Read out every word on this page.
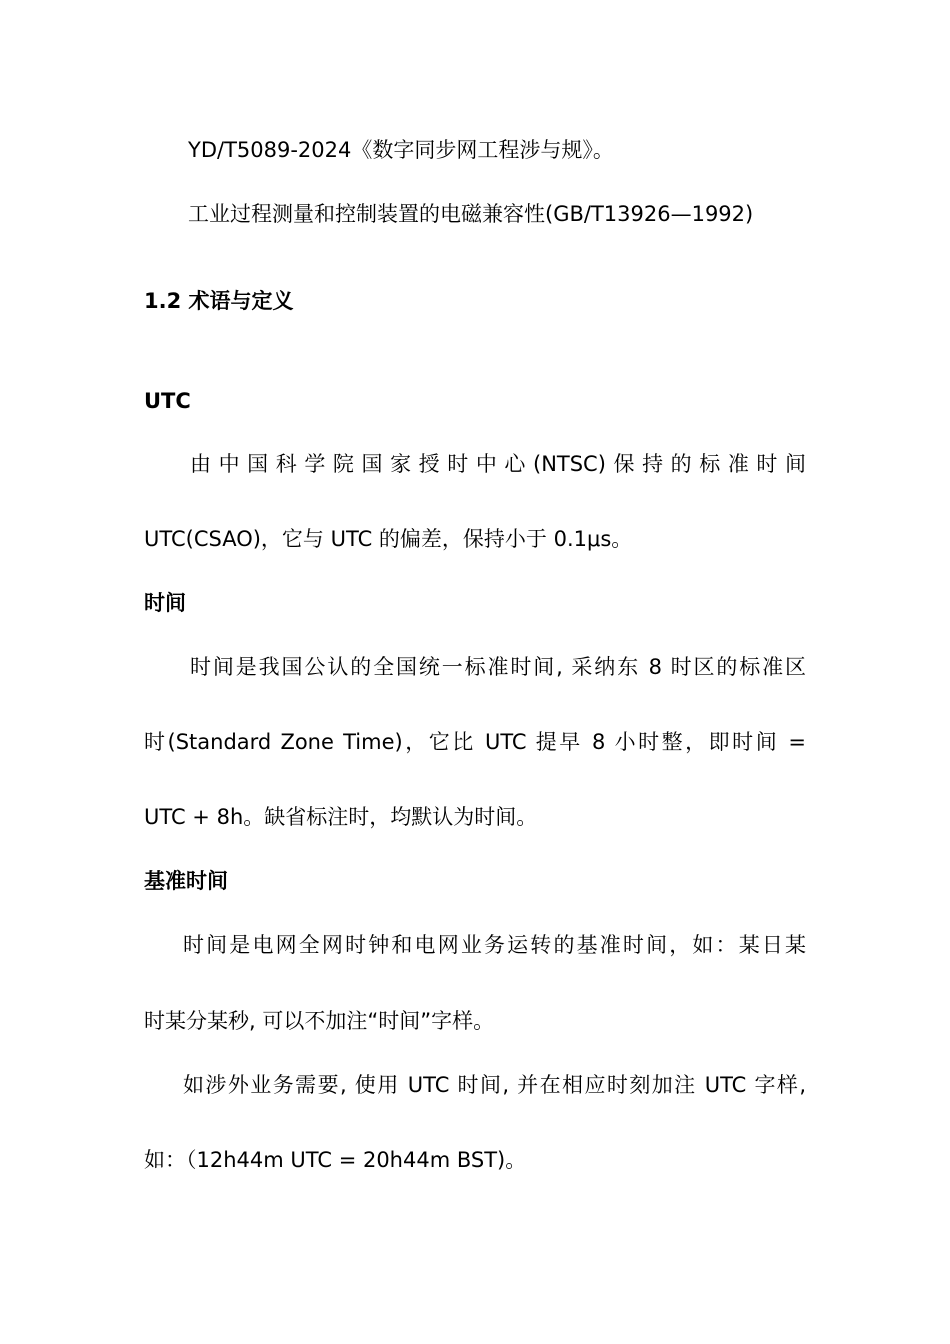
YD/T5089-2024《数字同步网工程涉与规》。

工业过程测量和控制装置的电磁兼容性(GB/T13926—1992)

1.2 术语与定义

UTC

由中国科学院国家授时中心(NTSC)保持的标准时间

UTC(CSAO)，它与 UTC 的偏差，保持小于 0.1μs。

时间

时间是我国公认的全国统一标准时间, 采纳东 8 时区的标准区

时(Standard Zone Time)，它比 UTC 提早 8 小时整，即时间 =

UTC + 8h。缺省标注时，均默认为时间。

基准时间

时间是电网全网时钟和电网业务运转的基准时间，如：某日某

时某分某秒, 可以不加注“时间”字样。

如涉外业务需要, 使用 UTC 时间, 并在相应时刻加注 UTC 字样,

如：（12h44m UTC = 20h44m BST)。
